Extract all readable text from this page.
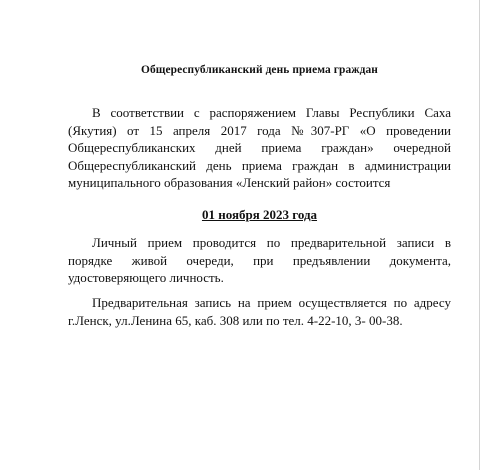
Общереспубликанский день приема граждан

В соответствии с распоряжением Главы Республики Саха (Якутия) от 15 апреля 2017 года №307-РГ «О проведении Общереспубликанских дней приема граждан» очередной Общереспубликанский день приема граждан в администрации муниципального образования «Ленский район» состоится

01 ноября 2023 года

Личный прием проводится по предварительной записи в порядке живой очереди, при предъявлении документа, удостоверяющего личность.

Предварительная запись на прием осуществляется по адресу г.Ленск, ул.Ленина 65, каб. 308 или по тел. 4-22-10, 3- 00-38.
